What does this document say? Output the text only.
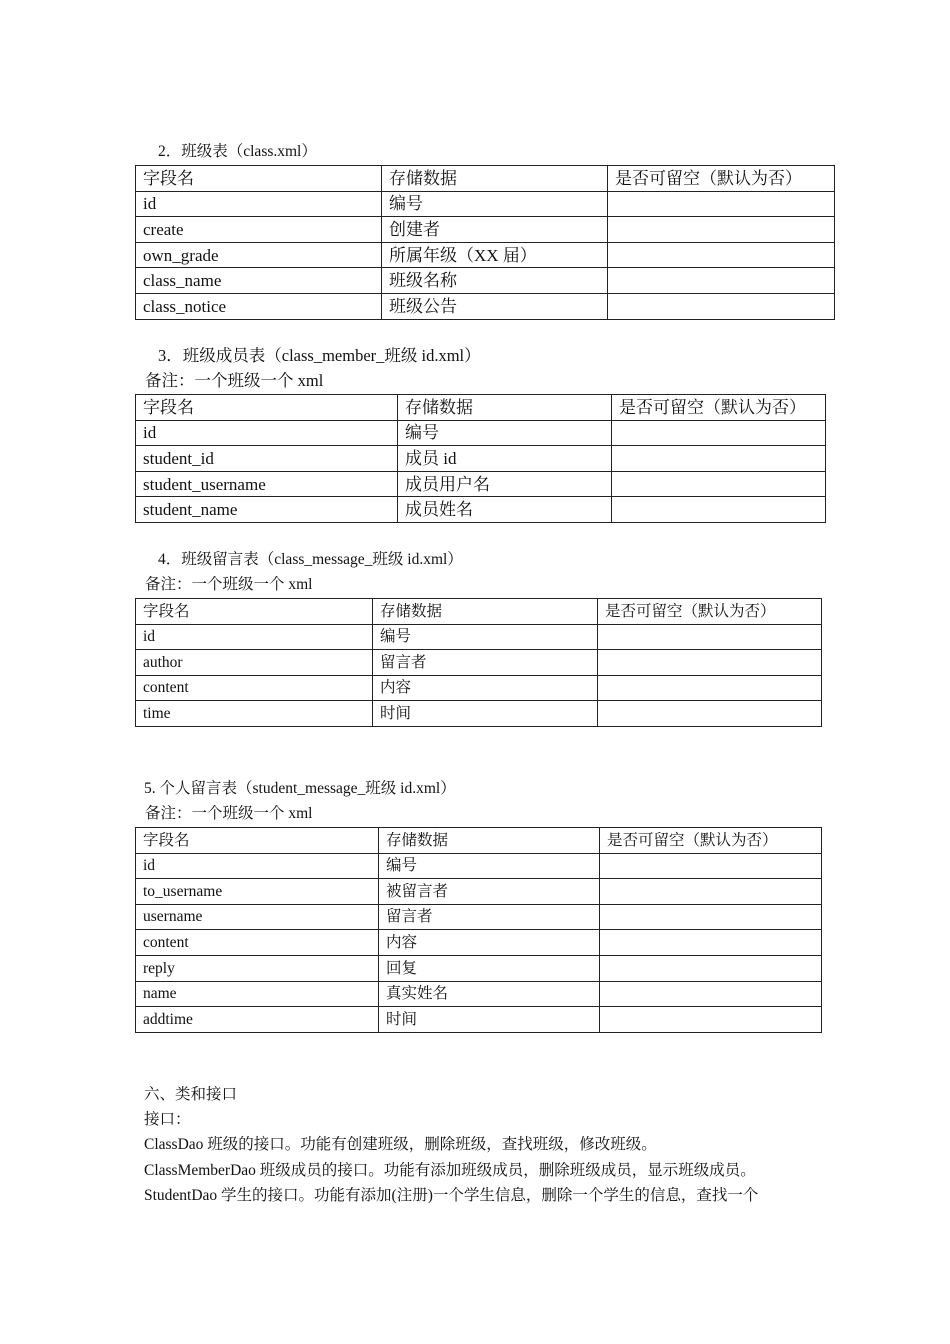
2．班级表（class.xml）

字段名	存储数据	是否可留空（默认为否）
id	编号	
create	创建者	
own_grade	所属年级（XX 届）	
class_name	班级名称	
class_notice	班级公告	

3．班级成员表（class_member_班级 id.xml）

备注：一个班级一个 xml

字段名	存储数据	是否可留空（默认为否）
id	编号	
student_id	成员 id	
student_username	成员用户名	
student_name	成员姓名	

4．班级留言表（class_message_班级 id.xml）

备注：一个班级一个 xml

字段名	存储数据	是否可留空（默认为否）
id	编号	
author	留言者	
content	内容	
time	时间	

5. 个人留言表（student_message_班级 id.xml）

备注：一个班级一个 xml

字段名	存储数据	是否可留空（默认为否）
id	编号	
to_username	被留言者	
username	留言者	
content	内容	
reply	回复	
name	真实姓名	
addtime	时间	

六、类和接口

接口：

ClassDao 班级的接口。功能有创建班级，删除班级，查找班级，修改班级。

ClassMemberDao 班级成员的接口。功能有添加班级成员，删除班级成员，显示班级成员。

StudentDao 学生的接口。功能有添加(注册)一个学生信息，删除一个学生的信息，查找一个
